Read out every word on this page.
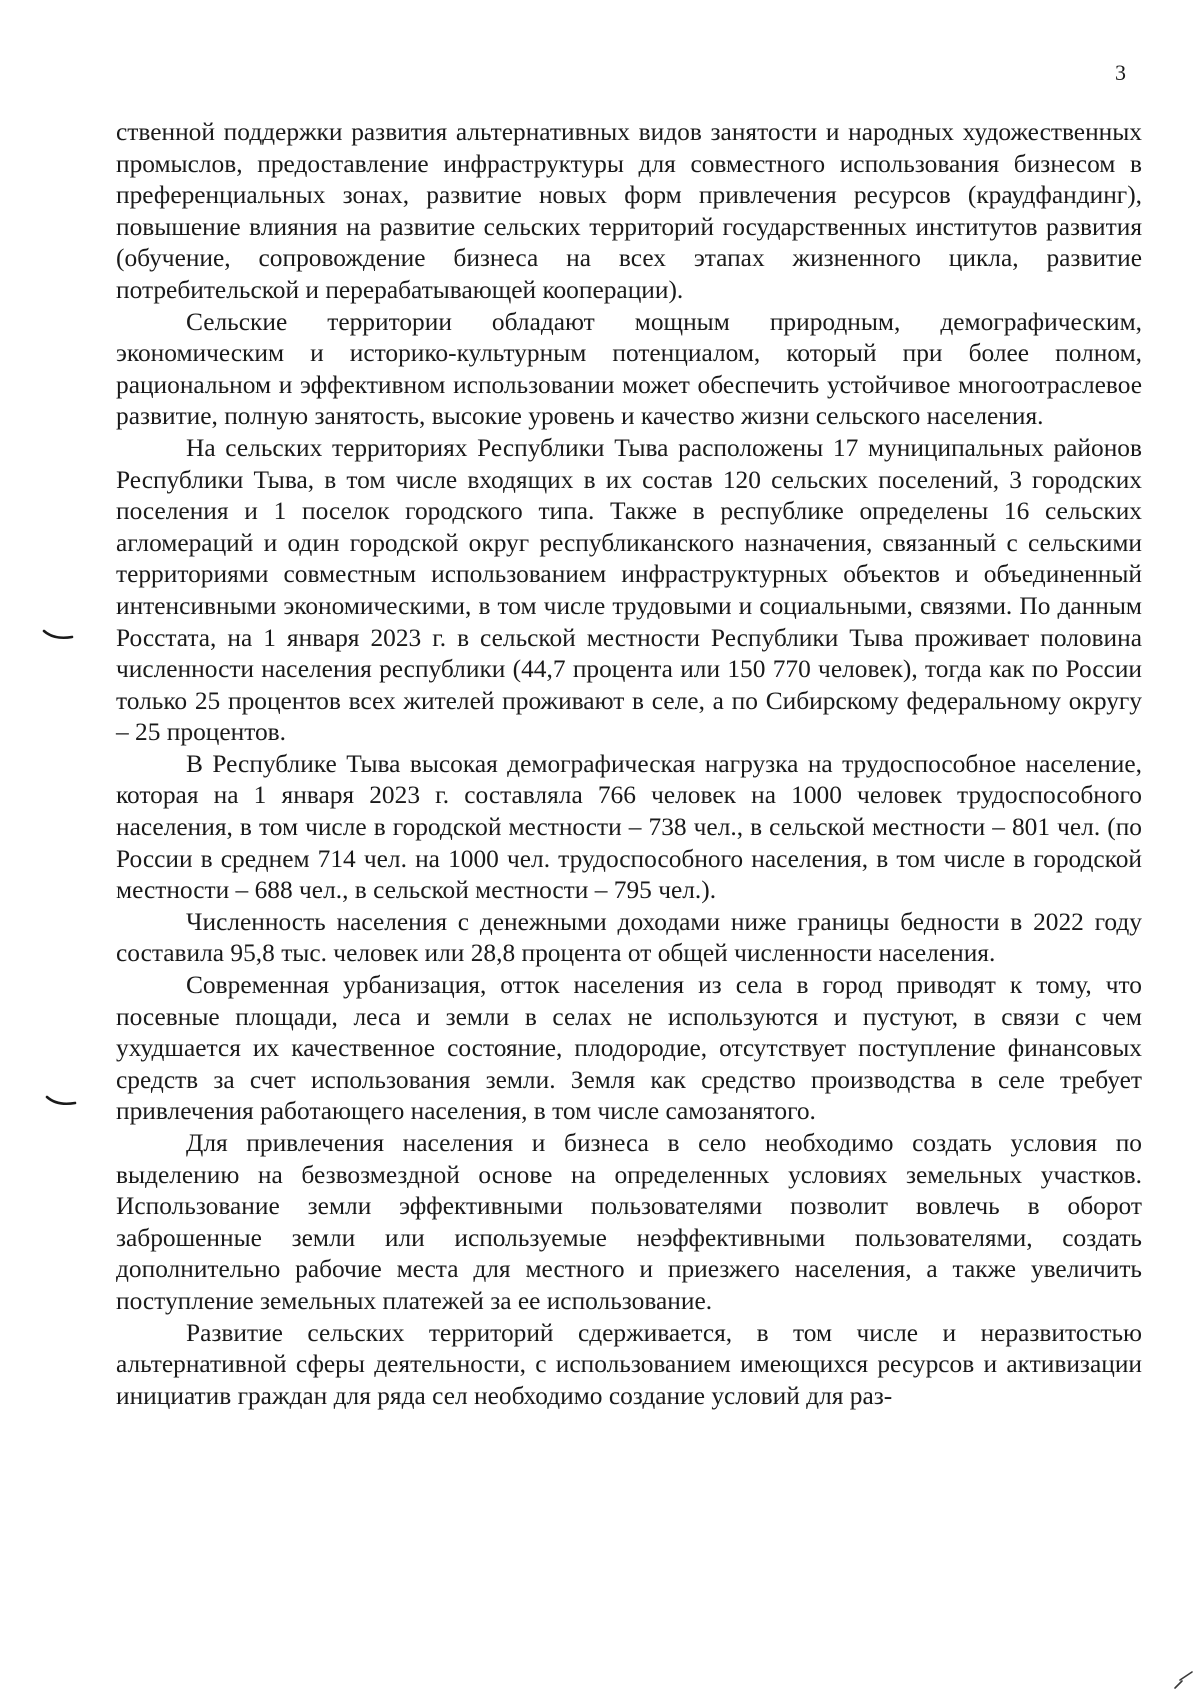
3

ственной поддержки развития альтернативных видов занятости и народных художественных промыслов, предоставление инфраструктуры для совместного использования бизнесом в преференциальных зонах, развитие новых форм привлечения ресурсов (краудфандинг), повышение влияния на развитие сельских территорий государственных институтов развития (обучение, сопровождение бизнеса на всех этапах жизненного цикла, развитие потребительской и перерабатывающей кооперации).

Сельские территории обладают мощным природным, демографическим, экономическим и историко-культурным потенциалом, который при более полном, рациональном и эффективном использовании может обеспечить устойчивое многоотраслевое развитие, полную занятость, высокие уровень и качество жизни сельского населения.

На сельских территориях Республики Тыва расположены 17 муниципальных районов Республики Тыва, в том числе входящих в их состав 120 сельских поселений, 3 городских поселения и 1 поселок городского типа. Также в республике определены 16 сельских агломераций и один городской округ республиканского назначения, связанный с сельскими территориями совместным использованием инфраструктурных объектов и объединенный интенсивными экономическими, в том числе трудовыми и социальными, связями. По данным Росстата, на 1 января 2023 г. в сельской местности Республики Тыва проживает половина численности населения республики (44,7 процента или 150 770 человек), тогда как по России только 25 процентов всех жителей проживают в селе, а по Сибирскому федеральному округу – 25 процентов.

В Республике Тыва высокая демографическая нагрузка на трудоспособное население, которая на 1 января 2023 г. составляла 766 человек на 1000 человек трудоспособного населения, в том числе в городской местности – 738 чел., в сельской местности – 801 чел. (по России в среднем 714 чел. на 1000 чел. трудоспособного населения, в том числе в городской местности – 688 чел., в сельской местности – 795 чел.).

Численность населения с денежными доходами ниже границы бедности в 2022 году составила 95,8 тыс. человек или 28,8 процента от общей численности населения.

Современная урбанизация, отток населения из села в город приводят к тому, что посевные площади, леса и земли в селах не используются и пустуют, в связи с чем ухудшается их качественное состояние, плодородие, отсутствует поступление финансовых средств за счет использования земли. Земля как средство производства в селе требует привлечения работающего населения, в том числе самозанятого.

Для привлечения населения и бизнеса в село необходимо создать условия по выделению на безвозмездной основе на определенных условиях земельных участков. Использование земли эффективными пользователями позволит вовлечь в оборот заброшенные земли или используемые неэффективными пользователями, создать дополнительно рабочие места для местного и приезжего населения, а также увеличить поступление земельных платежей за ее использование.

Развитие сельских территорий сдерживается, в том числе и неразвитостью альтернативной сферы деятельности, с использованием имеющихся ресурсов и активизации инициатив граждан для ряда сел необходимо создание условий для раз-
